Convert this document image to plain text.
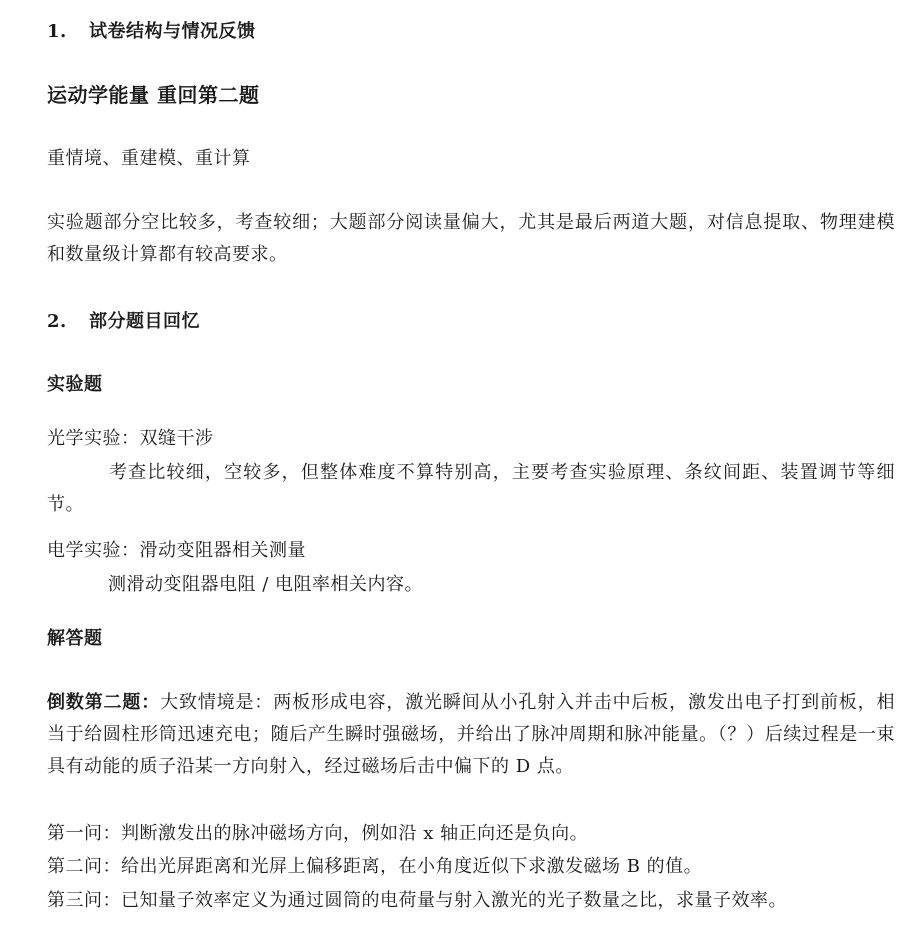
1. 试卷结构与情况反馈
运动学能量 重回第二题
重情境、重建模、重计算
实验题部分空比较多，考查较细；大题部分阅读量偏大，尤其是最后两道大题，对信息提取、物理建模和数量级计算都有较高要求。
2. 部分题目回忆
实验题
光学实验：双缝干涉
考查比较细，空较多，但整体难度不算特别高，主要考查实验原理、条纹间距、装置调节等细节。
电学实验：滑动变阻器相关测量
测滑动变阻器电阻 / 电阻率相关内容。
解答题
倒数第二题：大致情境是：两板形成电容，激光瞬间从小孔射入并击中后板，激发出电子打到前板，相当于给圆柱形筒迅速充电；随后产生瞬时强磁场，并给出了脉冲周期和脉冲能量。（？）后续过程是一束具有动能的质子沿某一方向射入，经过磁场后击中偏下的 D 点。
第一问：判断激发出的脉冲磁场方向，例如沿 x 轴正向还是负向。
第二问：给出光屏距离和光屏上偏移距离，在小角度近似下求激发磁场 B 的值。
第三问：已知量子效率定义为通过圆筒的电荷量与射入激光的光子数量之比，求量子效率。
